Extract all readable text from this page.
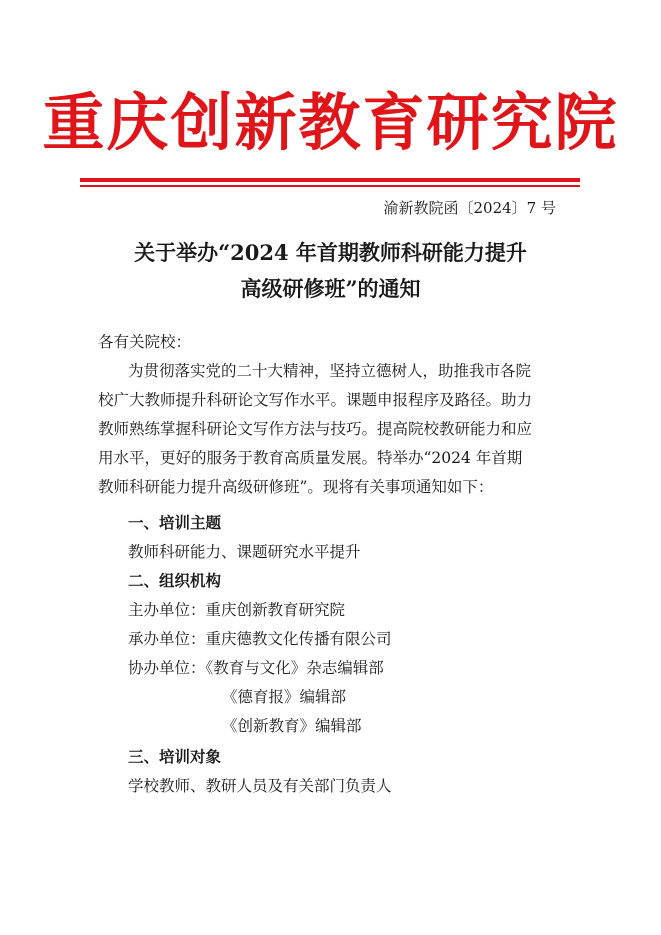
重庆创新教育研究院
渝新教院函〔2024〕7 号
关于举办“2024 年首期教师科研能力提升
高级研修班”的通知
各有关院校：
为贯彻落实党的二十大精神，坚持立德树人，助推我市各院
校广大教师提升科研论文写作水平。课题申报程序及路径。助力
教师熟练掌握科研论文写作方法与技巧。提高院校教研能力和应
用水平，更好的服务于教育高质量发展。特举办“2024 年首期
教师科研能力提升高级研修班”。现将有关事项通知如下：
一、培训主题
教师科研能力、课题研究水平提升
二、组织机构
主办单位：重庆创新教育研究院
承办单位：重庆德教文化传播有限公司
协办单位：《教育与文化》杂志编辑部
《德育报》编辑部
《创新教育》编辑部
三、培训对象
学校教师、教研人员及有关部门负责人
